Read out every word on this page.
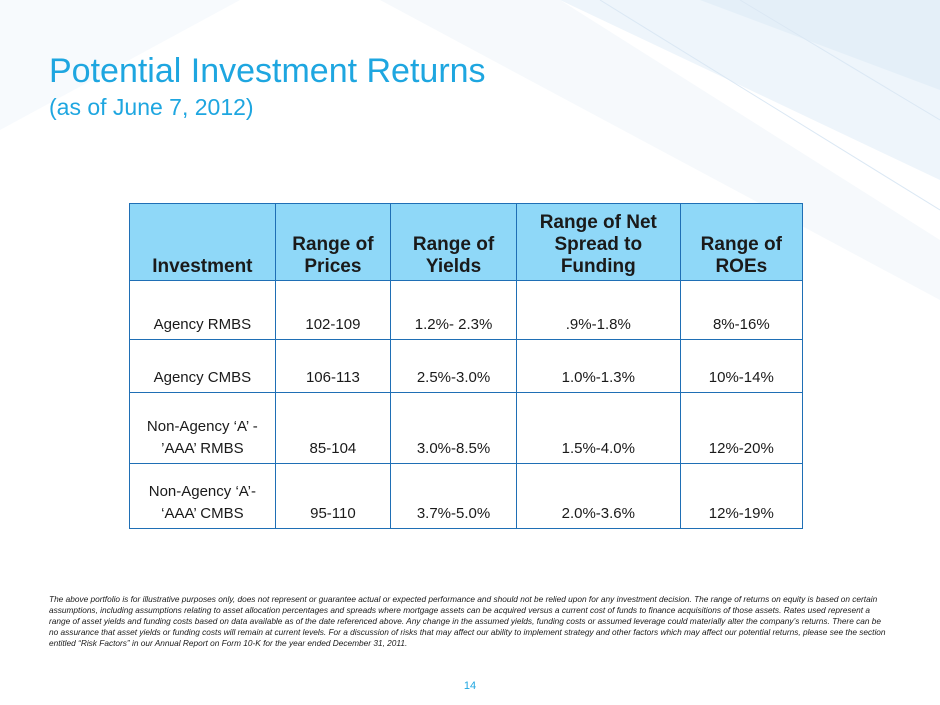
Potential Investment Returns
(as of June 7, 2012)
Investment	Range of Prices	Range of Yields	Range of Net Spread to Funding	Range of ROEs
Agency RMBS	102-109	1.2%- 2.3%	.9%-1.8%	8%-16%
Agency CMBS	106-113	2.5%-3.0%	1.0%-1.3%	10%-14%
Non-Agency ‘A’ - ’AAA’ RMBS	85-104	3.0%-8.5%	1.5%-4.0%	12%-20%
Non-Agency ‘A’- ‘AAA’ CMBS	95-110	3.7%-5.0%	2.0%-3.6%	12%-19%
The above portfolio is for illustrative purposes only, does not represent or guarantee actual or expected performance and should not be relied upon for any investment decision. The range of returns on equity is based on certain assumptions, including assumptions relating to asset allocation percentages and spreads where mortgage assets can be acquired versus a current cost of funds to finance acquisitions of those assets. Rates used represent a range of asset yields and funding costs based on data available as of the date referenced above. Any change in the assumed yields, funding costs or assumed leverage could materially alter the company’s returns. There can be no assurance that asset yields or funding costs will remain at current levels. For a discussion of risks that may affect our ability to implement strategy and other factors which may affect our potential returns, please see the section entitled “Risk Factors” in our Annual Report on Form 10-K for the year ended December 31, 2011.
14
